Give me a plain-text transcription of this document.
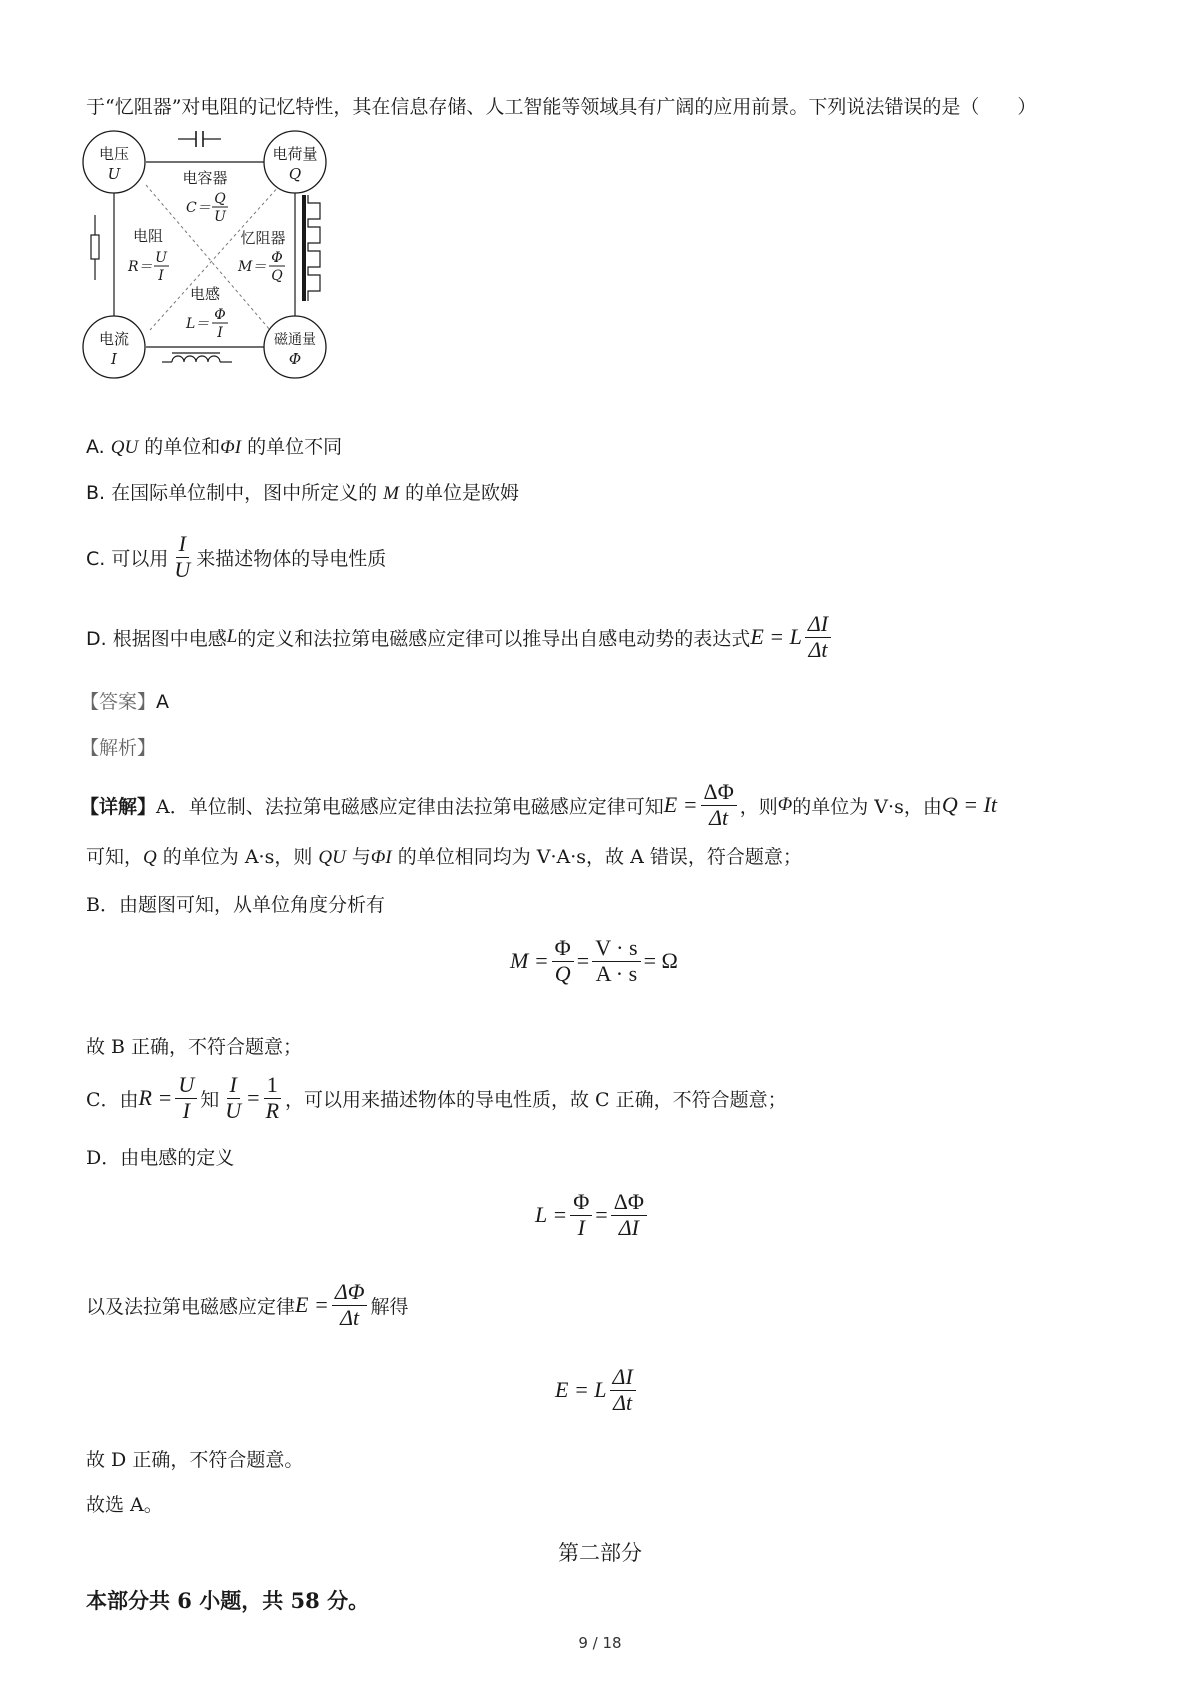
于“忆阻器”对电阻的记忆特性，其在信息存储、人工智能等领域具有广阔的应用前景。下列说法错误的是（　　）
电压
U
电荷量
Q
电流
I
磁通量
Φ
电容器
C＝
Q
U
电阻
R＝
U
I
忆阻器
M＝
Φ
Q
电感
L＝
Φ
I
A. QU 的单位和ΦI 的单位不同
B. 在国际单位制中，图中所定义的 M 的单位是欧姆
C. 可以用 $\frac{I}{U}$ 来描述物体的导电性质
D. 根据图中电感 L 的定义和法拉第电磁感应定律可以推导出自感电动势的表达式 E = L $\frac{\Delta I}{\Delta t}$
【答案】A
【解析】
【详解】 A．单位制、法拉第电磁感应定律由法拉第电磁感应定律可知 $E = \frac{\Delta\Phi}{\Delta t}$ ，则 Φ 的单位为 V·s，由 Q = It
可知，Q 的单位为 A·s，则 QU 与ΦI 的单位相同均为 V·A·s，故 A 错误，符合题意；
B．由题图可知，从单位角度分析有
$M = \frac{\Phi}{Q} = \frac{V \cdot s}{A \cdot s} = \Omega$
故 B 正确，不符合题意；
C．由 $R = \frac{U}{I}$ 知 $\frac{I}{U} = \frac{1}{R}$ ，可以用来描述物体的导电性质，故 C 正确，不符合题意；
D．由电感的定义
$L = \frac{\Phi}{I} = \frac{\Delta\Phi}{\Delta I}$
以及法拉第电磁感应定律 $E = \frac{\Delta\Phi}{\Delta t}$ 解得
E = L $\frac{\Delta I}{\Delta t}$
故 D 正确，不符合题意。
故选 A。
第二部分
本部分共 6 小题，共 58 分。
9 / 18
